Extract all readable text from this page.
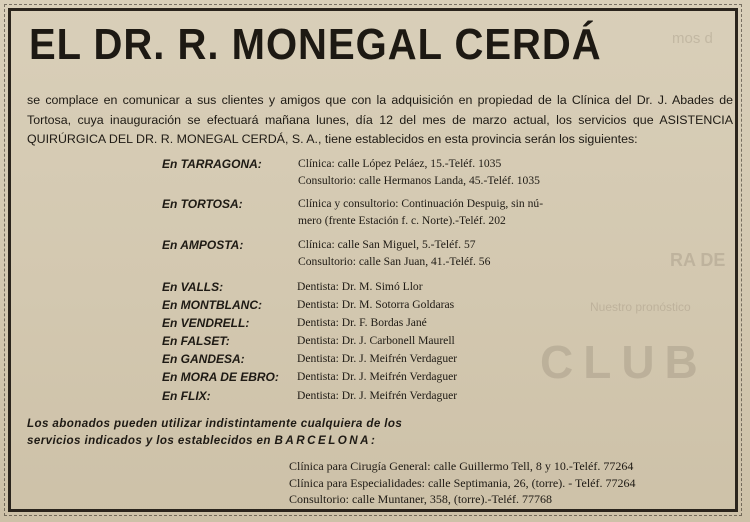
mos d
RA DE
Nuestro pronóstico
CLUB
EL DR. R. MONEGAL CERDÁ
se complace en comunicar a sus clientes y amigos que con la adquisición en propiedad de la Clínica del Dr. J. Abades de Tortosa, cuya inauguración se efectuará mañana lunes, día 12 del mes de marzo actual, los servicios que ASISTENCIA QUIRÚRGICA DEL DR. R. MONEGAL CERDÁ, S. A., tiene establecidos en esta provincia serán los siguientes:
En TARRAGONA:	Clínica: calle López Peláez, 15.-Teléf. 1035
Consultorio: calle Hermanos Landa, 45.-Teléf. 1035
En TORTOSA:	Clínica y consultorio: Continuación Despuig, sin nú-
mero (frente Estación f. c. Norte).-Teléf. 202
En AMPOSTA:	Clínica: calle San Miguel, 5.-Teléf. 57
Consultorio: calle San Juan, 41.-Teléf. 56
En VALLS:	Dentista: Dr. M. Simó Llor
En MONTBLANC:	Dentista: Dr. M. Sotorra Goldaras
En VENDRELL:	Dentista: Dr. F. Bordas Jané
En FALSET:	Dentista: Dr. J. Carbonell Maurell
En GANDESA:	Dentista: Dr. J. Meifrén Verdaguer
En MORA DE EBRO: Dentista: Dr. J. Meifrén Verdaguer
En FLIX:	Dentista: Dr. J. Meifrén Verdaguer
Los abonados pueden utilizar indistintamente cualquiera de los
servicios indicados y los establecidos en BARCELONA:
Clínica para Cirugía General: calle Guillermo Tell, 8 y 10.-Teléf. 77264
Clínica para Especialidades: calle Septimania, 26, (torre). - Teléf. 77264
Consultorio: calle Muntaner, 358, (torre).-Teléf. 77768
